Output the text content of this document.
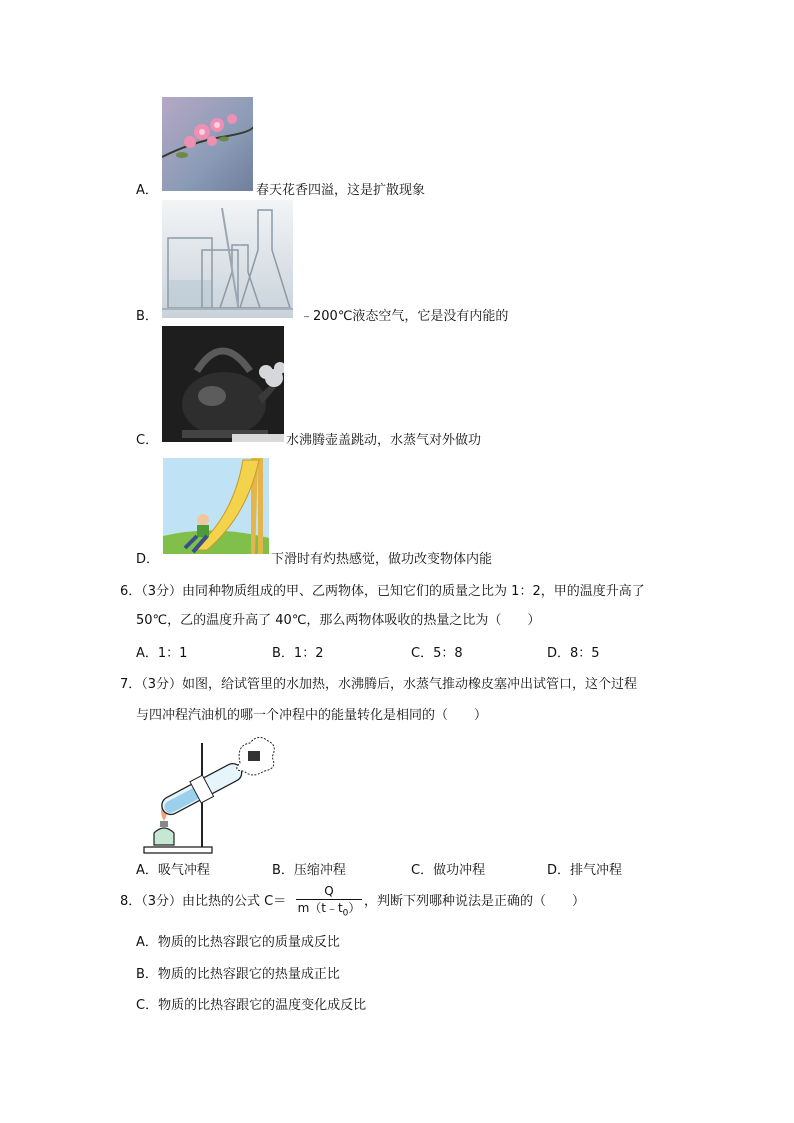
A．	春天花香四溢，这是扩散现象
B．	﹣200℃液态空气，它是没有内能的
C．	水沸腾壶盖跳动，水蒸气对外做功
D．	下滑时有灼热感觉，做功改变物体内能
6．（3分）由同种物质组成的甲、乙两物体，已知它们的质量之比为 1：2，甲的温度升高了
50℃，乙的温度升高了 40℃，那么两物体吸收的热量之比为（　　）
A．1：1	B．1：2	C．5：8	D．8：5
7．（3分）如图，给试管里的水加热，水沸腾后，水蒸气推动橡皮塞冲出试管口，这个过程
与四冲程汽油机的哪一个冲程中的能量转化是相同的（　　）
A．吸气冲程	B．压缩冲程	C．做功冲程	D．排气冲程
8．（3分）由比热的公式 C＝
Q
$m(t﹣t_0)$ ，判断下列哪种说法是正确的（　　）
A．物质的比热容跟它的质量成反比
B．物质的比热容跟它的热量成正比
C．物质的比热容跟它的温度变化成反比
